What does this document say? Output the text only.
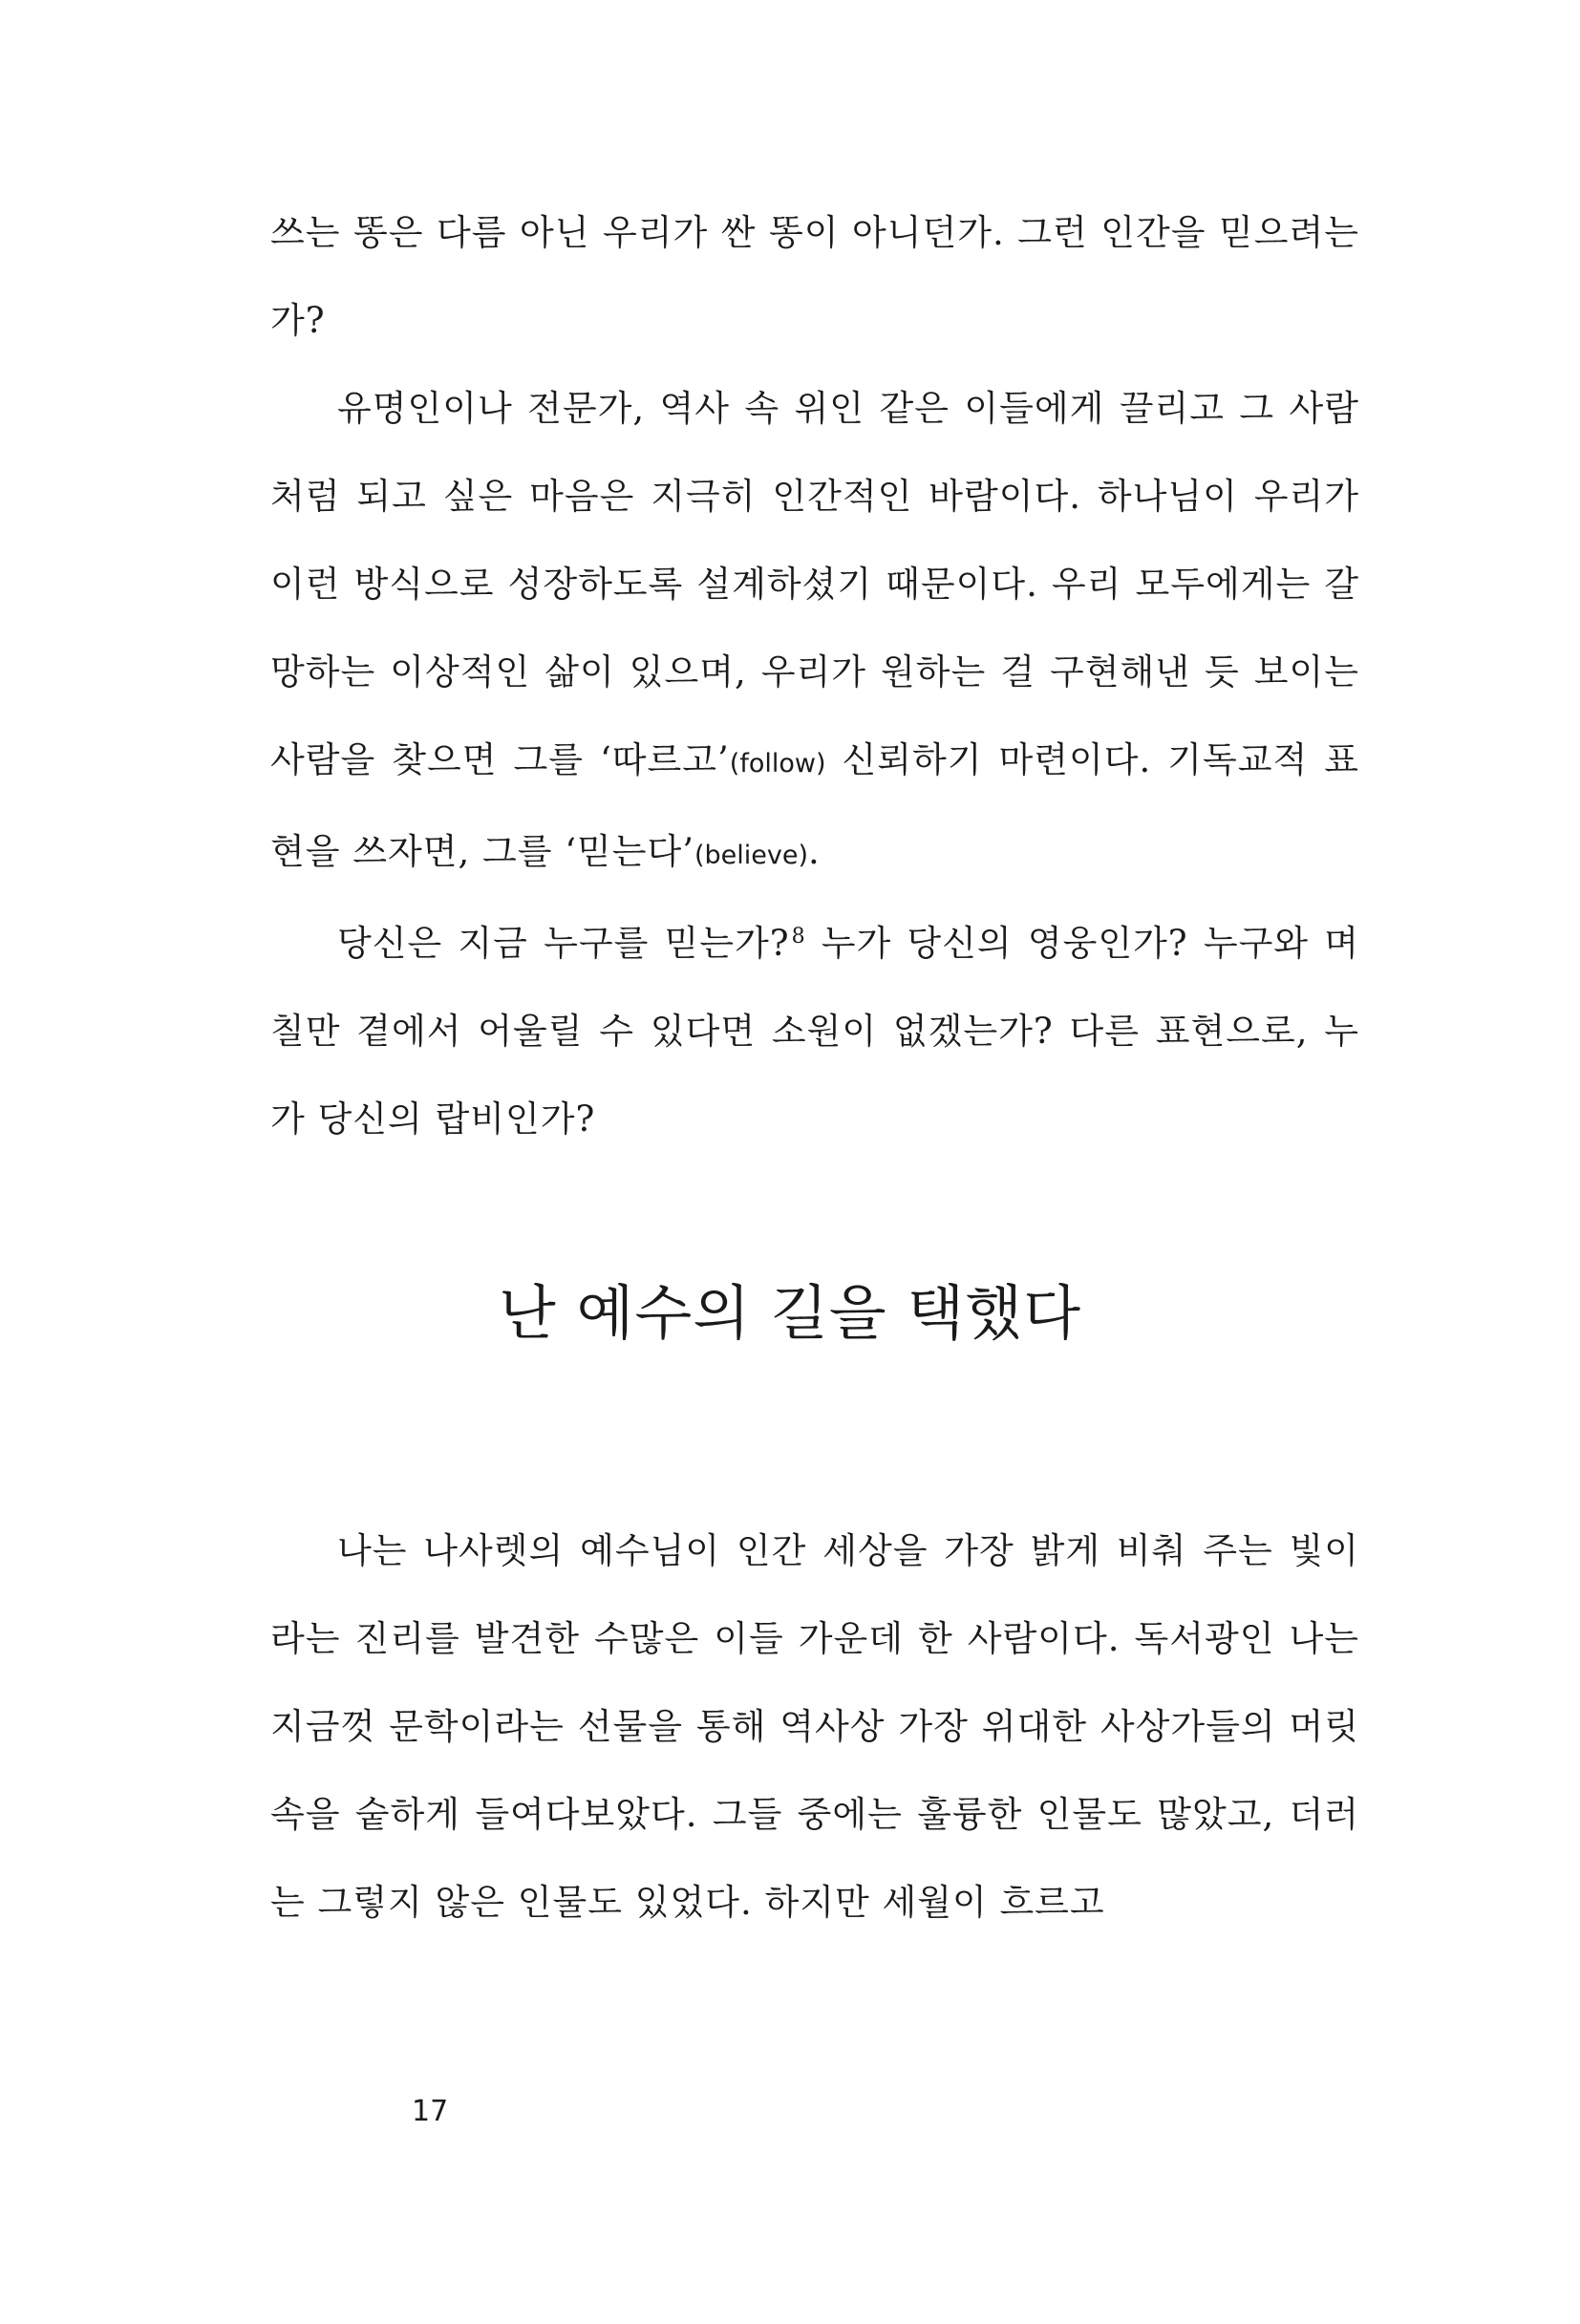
쓰는 똥은 다름 아닌 우리가 싼 똥이 아니던가. 그런 인간을 믿으려는가?

유명인이나 전문가, 역사 속 위인 같은 이들에게 끌리고 그 사람처럼 되고 싶은 마음은 지극히 인간적인 바람이다. 하나님이 우리가 이런 방식으로 성장하도록 설계하셨기 때문이다. 우리 모두에게는 갈망하는 이상적인 삶이 있으며, 우리가 원하는 걸 구현해낸 듯 보이는 사람을 찾으면 그를 ‘따르고’(follow) 신뢰하기 마련이다. 기독교적 표현을 쓰자면, 그를 ‘믿는다’(believe).

당신은 지금 누구를 믿는가?$^8$ 누가 당신의 영웅인가? 누구와 며칠만 곁에서 어울릴 수 있다면 소원이 없겠는가? 다른 표현으로, 누가 당신의 랍비인가?

난 예수의 길을 택했다

나는 나사렛의 예수님이 인간 세상을 가장 밝게 비춰 주는 빛이라는 진리를 발견한 수많은 이들 가운데 한 사람이다. 독서광인 나는 지금껏 문학이라는 선물을 통해 역사상 가장 위대한 사상가들의 머릿속을 숱하게 들여다보았다. 그들 중에는 훌륭한 인물도 많았고, 더러는 그렇지 않은 인물도 있었다. 하지만 세월이 흐르고

17
